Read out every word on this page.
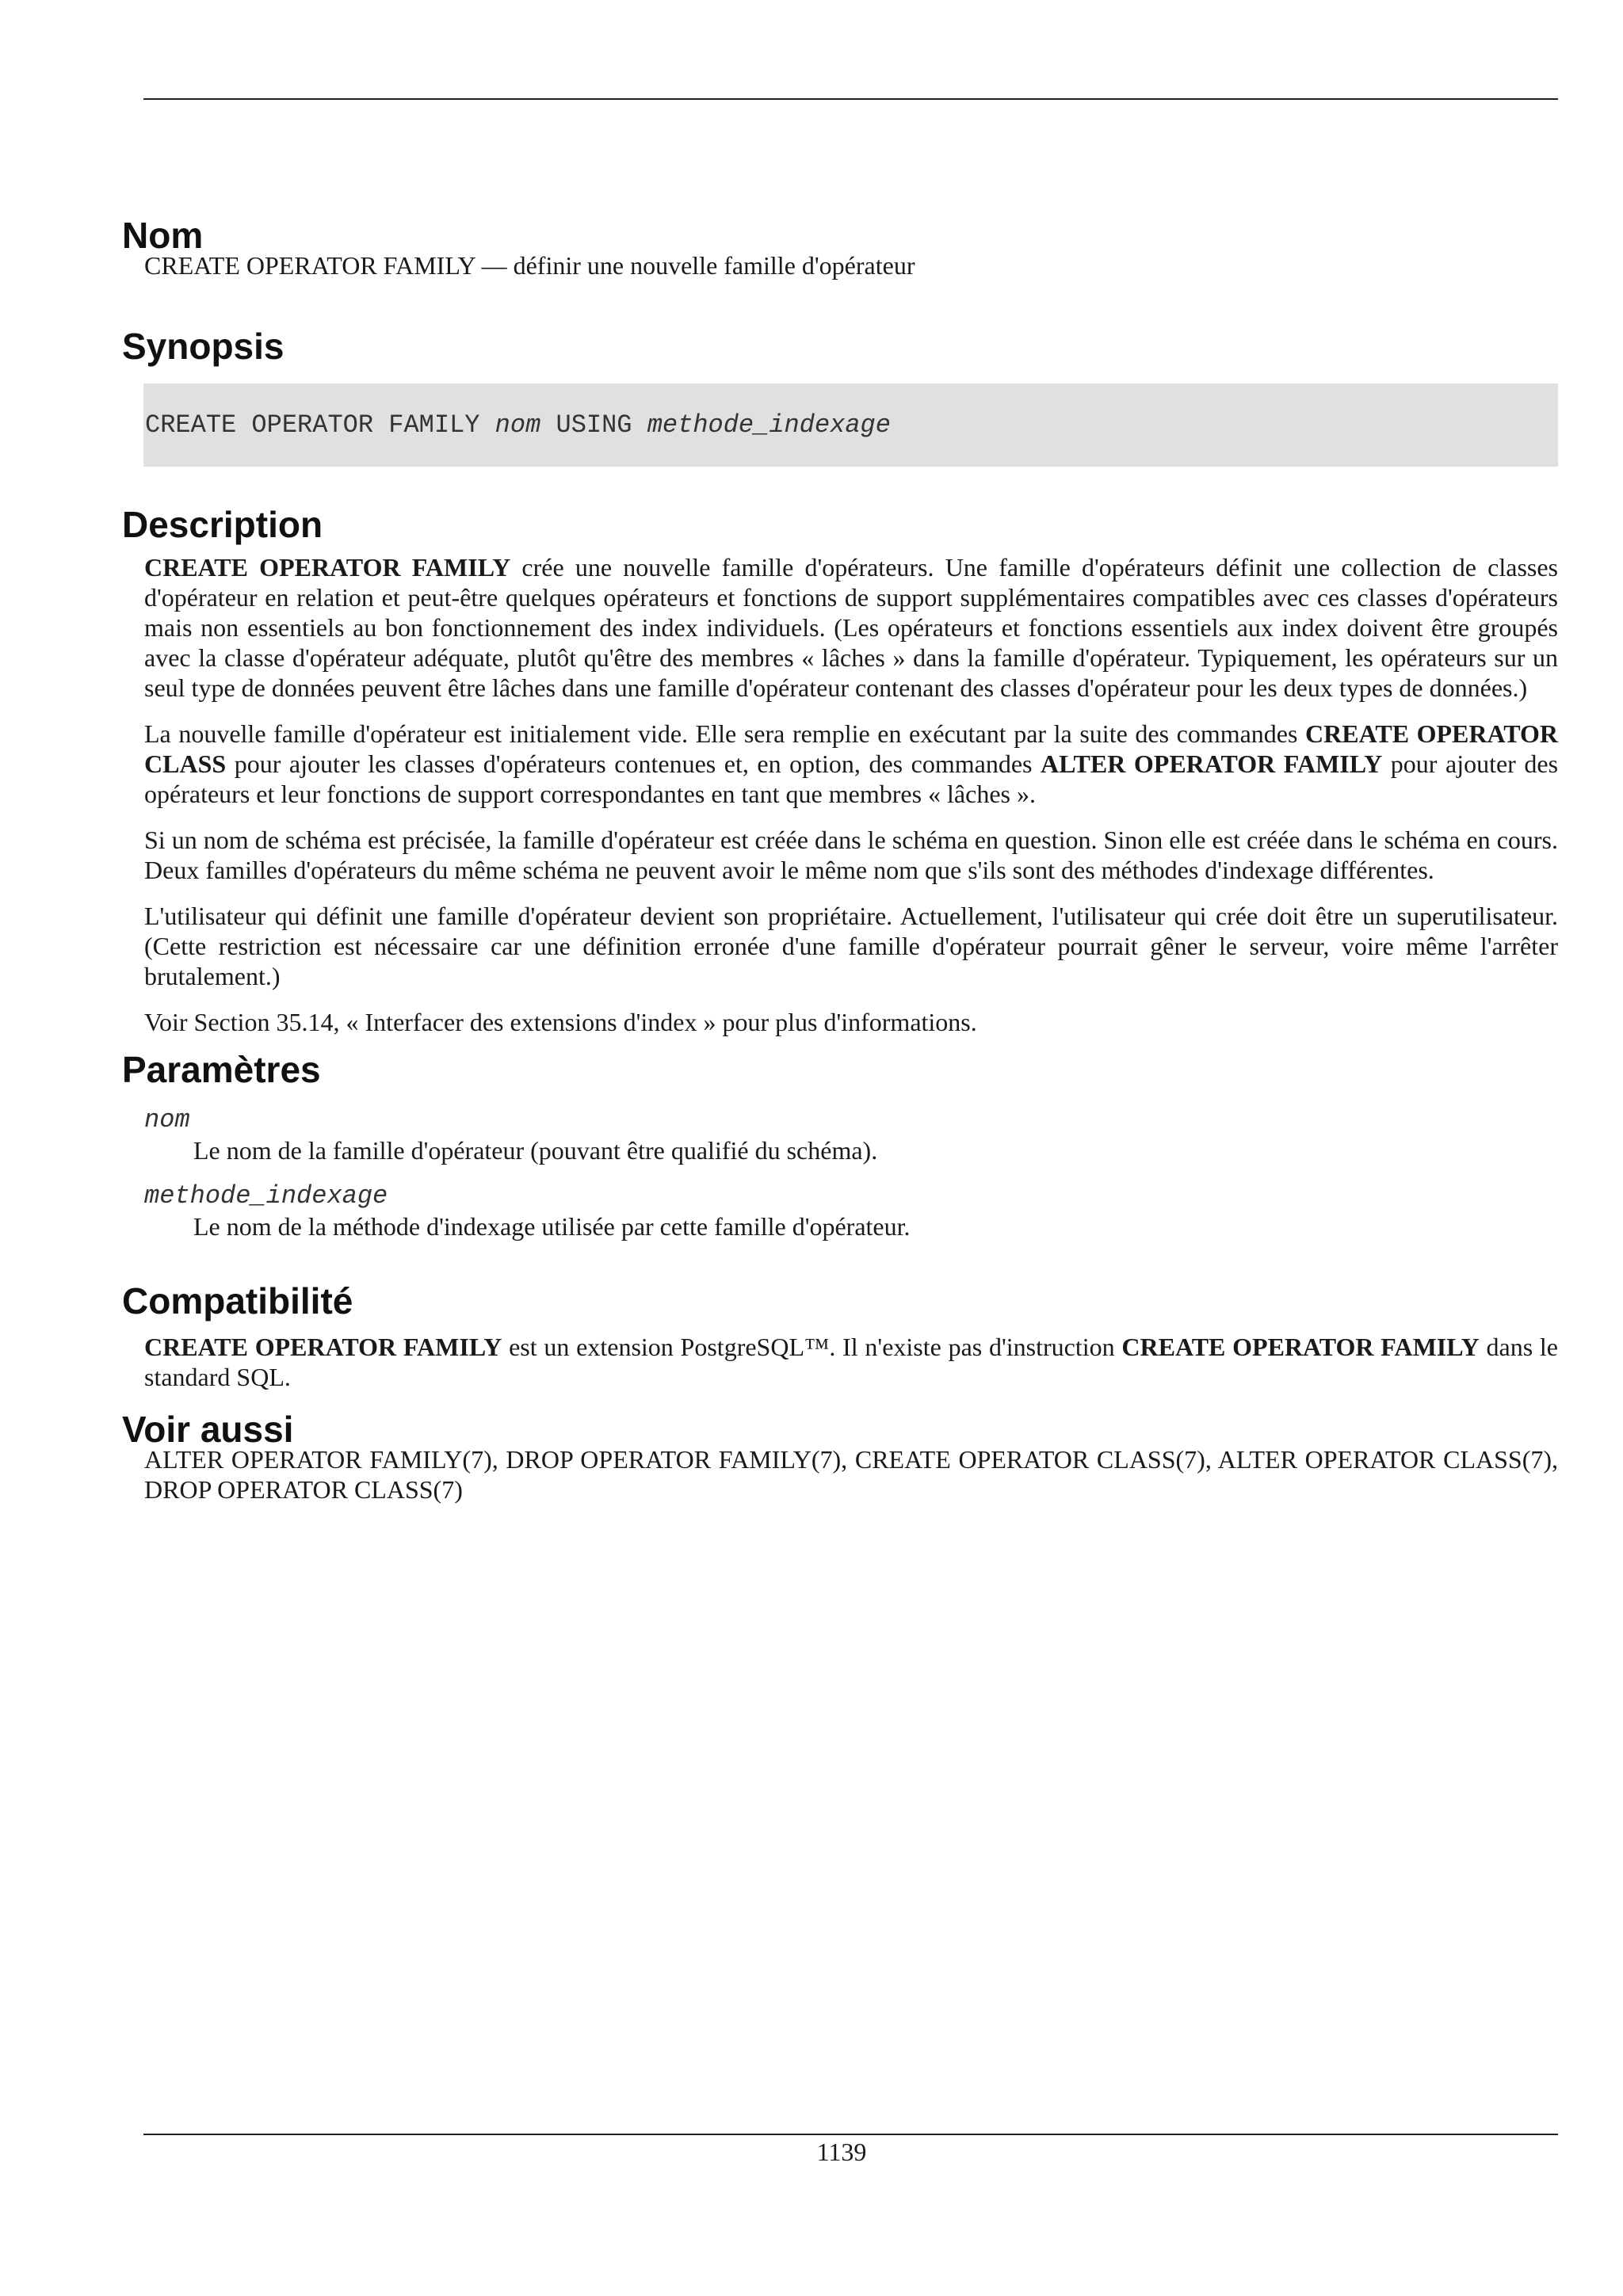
Nom
CREATE OPERATOR FAMILY — définir une nouvelle famille d'opérateur
Synopsis
CREATE OPERATOR FAMILY nom USING methode_indexage
Description

CREATE OPERATOR FAMILY crée une nouvelle famille d'opérateurs. Une famille d'opérateurs définit une collection de classes d'opérateur en relation et peut-être quelques opérateurs et fonctions de support supplémentaires compatibles avec ces classes d'opérateurs mais non essentiels au bon fonctionnement des index individuels. (Les opérateurs et fonctions essentiels aux index doivent être groupés avec la classe d'opérateur adéquate, plutôt qu'être des membres « lâches » dans la famille d'opérateur. Typiquement, les opérateurs sur un seul type de données peuvent être lâches dans une famille d'opérateur contenant des classes d'opérateur pour les deux types de données.)

La nouvelle famille d'opérateur est initialement vide. Elle sera remplie en exécutant par la suite des commandes CREATE OPERATOR CLASS pour ajouter les classes d'opérateurs contenues et, en option, des commandes ALTER OPERATOR FAMILY pour ajouter des opérateurs et leur fonctions de support correspondantes en tant que membres « lâches ».

Si un nom de schéma est précisée, la famille d'opérateur est créée dans le schéma en question. Sinon elle est créée dans le schéma en cours. Deux familles d'opérateurs du même schéma ne peuvent avoir le même nom que s'ils sont des méthodes d'indexage différentes.

L'utilisateur qui définit une famille d'opérateur devient son propriétaire. Actuellement, l'utilisateur qui crée doit être un superutilisateur. (Cette restriction est nécessaire car une définition erronée d'une famille d'opérateur pourrait gêner le serveur, voire même l'arrêter brutalement.)

Voir Section 35.14, « Interfacer des extensions d'index » pour plus d'informations.

Paramètres
nom
Le nom de la famille d'opérateur (pouvant être qualifié du schéma).
methode_indexage
Le nom de la méthode d'indexage utilisée par cette famille d'opérateur.
Compatibilité

CREATE OPERATOR FAMILY est un extension PostgreSQL™. Il n'existe pas d'instruction CREATE OPERATOR FAMILY dans le standard SQL.

Voir aussi

ALTER OPERATOR FAMILY(7), DROP OPERATOR FAMILY(7), CREATE OPERATOR CLASS(7), ALTER OPERATOR CLASS(7), DROP OPERATOR CLASS(7)

1139
